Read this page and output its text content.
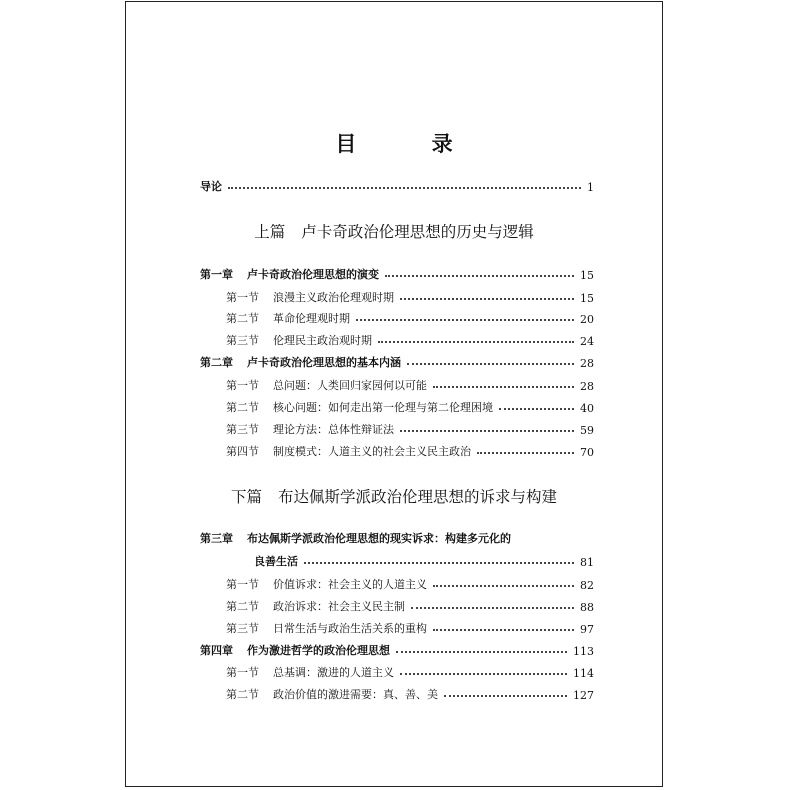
目 录
导论	1
上篇 卢卡奇政治伦理思想的历史与逻辑
第一章 卢卡奇政治伦理思想的演变	15
第一节 浪漫主义政治伦理观时期	15
第二节 革命伦理观时期	20
第三节 伦理民主政治观时期	24
第二章 卢卡奇政治伦理思想的基本内涵	28
第一节 总问题：人类回归家园何以可能	28
第二节 核心问题：如何走出第一伦理与第二伦理困境	40
第三节 理论方法：总体性辩证法	59
第四节 制度模式：人道主义的社会主义民主政治	70
下篇 布达佩斯学派政治伦理思想的诉求与构建
第三章 布达佩斯学派政治伦理思想的现实诉求：构建多元化的
良善生活	81
第一节 价值诉求：社会主义的人道主义	82
第二节 政治诉求：社会主义民主制	88
第三节 日常生活与政治生活关系的重构	97
第四章 作为激进哲学的政治伦理思想	113
第一节 总基调：激进的人道主义	114
第二节 政治价值的激进需要：真、善、美	127
